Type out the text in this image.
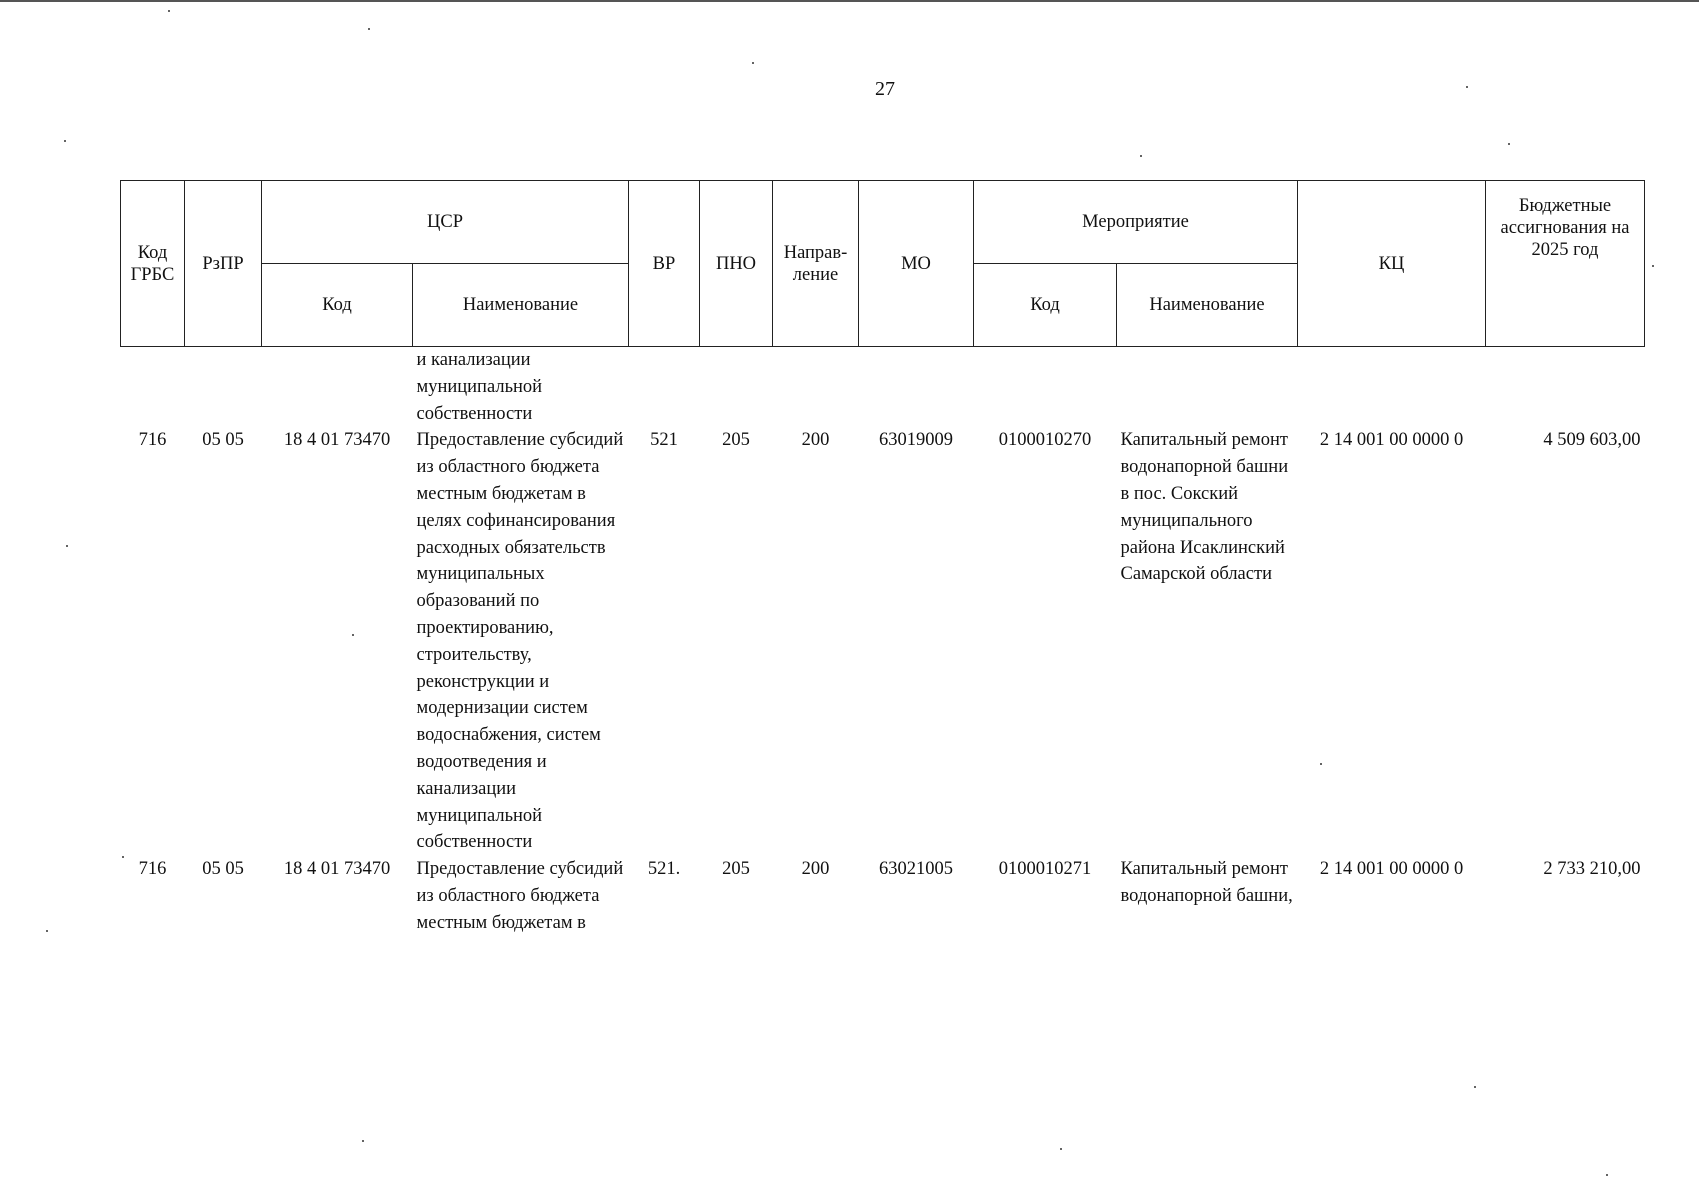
27
Код ГРБС	РзПР	ЦСР		ВР	ПНО	Направ-ление	МО	Мероприятие		КЦ	Бюджетные ассигнования на 2025 год
		Код	Наименование					Код	Наименование		
			и канализации муниципальной собственности								
716	05 05	18 4 01 73470	Предоставление субсидий из областного бюджета местным бюджетам в целях софинансирования расходных обязательств муниципальных образований по проектированию, строительству, реконструкции и модернизации систем водоснабжения, систем водоотведения и канализации муниципальной собственности	521	205	200	63019009	0100010270	Капитальный ремонт водонапорной башни в пос. Сокский муниципального района Исаклинский Самарской области	2 14 001 00 0000 0	4 509 603,00
716	05 05	18 4 01 73470	Предоставление субсидий из областного бюджета местным бюджетам в	521.	205	200	63021005	0100010271	Капитальный ремонт водонапорной башни,	2 14 001 00 0000 0	2 733 210,00
